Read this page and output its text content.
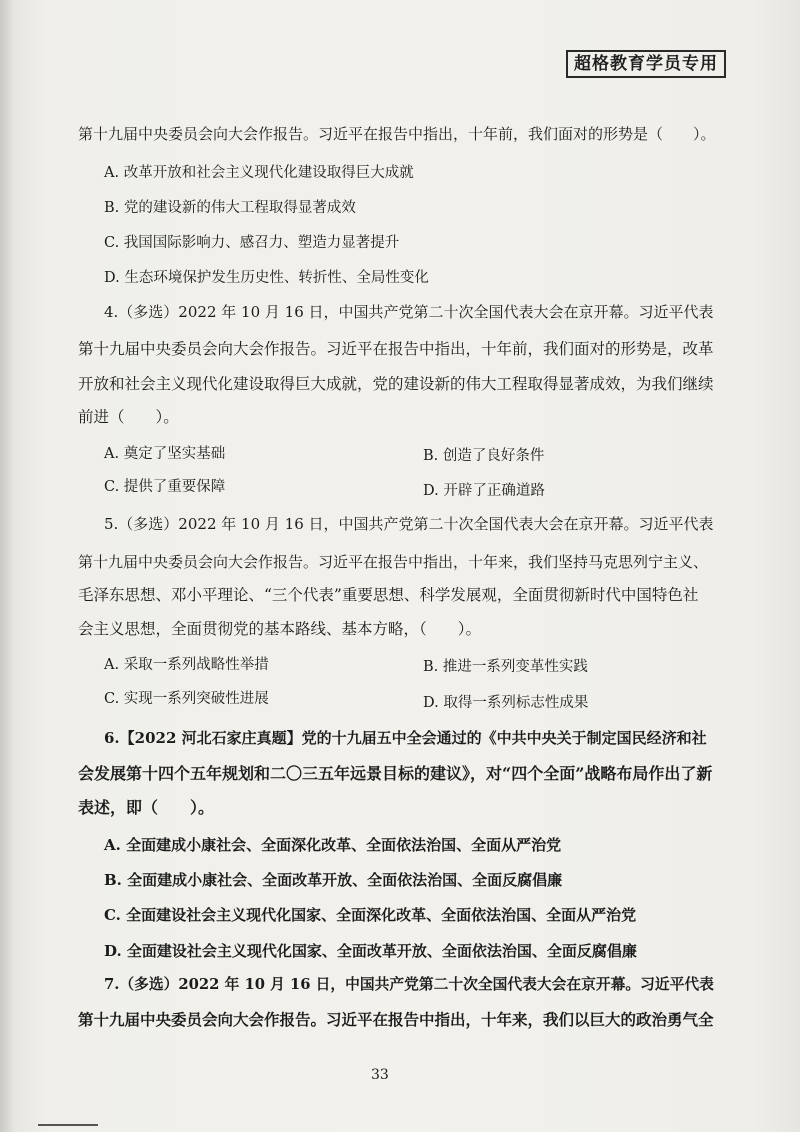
超格教育学员专用
第十九届中央委员会向大会作报告。习近平在报告中指出，十年前，我们面对的形势是（　　）。
A. 改革开放和社会主义现代化建设取得巨大成就
B. 党的建设新的伟大工程取得显著成效
C. 我国国际影响力、感召力、塑造力显著提升
D. 生态环境保护发生历史性、转折性、全局性变化
4.（多选）2022 年 10 月 16 日，中国共产党第二十次全国代表大会在京开幕。习近平代表
第十九届中央委员会向大会作报告。习近平在报告中指出，十年前，我们面对的形势是，改革
开放和社会主义现代化建设取得巨大成就，党的建设新的伟大工程取得显著成效，为我们继续
前进（　　）。
A. 奠定了坚实基础	B. 创造了良好条件
C. 提供了重要保障	D. 开辟了正确道路
5.（多选）2022 年 10 月 16 日，中国共产党第二十次全国代表大会在京开幕。习近平代表
第十九届中央委员会向大会作报告。习近平在报告中指出，十年来，我们坚持马克思列宁主义、
毛泽东思想、邓小平理论、“三个代表”重要思想、科学发展观，全面贯彻新时代中国特色社
会主义思想，全面贯彻党的基本路线、基本方略，（　　）。
A. 采取一系列战略性举措	B. 推进一系列变革性实践
C. 实现一系列突破性进展	D. 取得一系列标志性成果
6.【2022 河北石家庄真题】党的十九届五中全会通过的《中共中央关于制定国民经济和社
会发展第十四个五年规划和二〇三五年远景目标的建议》，对“四个全面”战略布局作出了新
表述，即（　　）。
A. 全面建成小康社会、全面深化改革、全面依法治国、全面从严治党
B. 全面建成小康社会、全面改革开放、全面依法治国、全面反腐倡廉
C. 全面建设社会主义现代化国家、全面深化改革、全面依法治国、全面从严治党
D. 全面建设社会主义现代化国家、全面改革开放、全面依法治国、全面反腐倡廉
7.（多选）2022 年 10 月 16 日，中国共产党第二十次全国代表大会在京开幕。习近平代表
第十九届中央委员会向大会作报告。习近平在报告中指出，十年来，我们以巨大的政治勇气全
33
